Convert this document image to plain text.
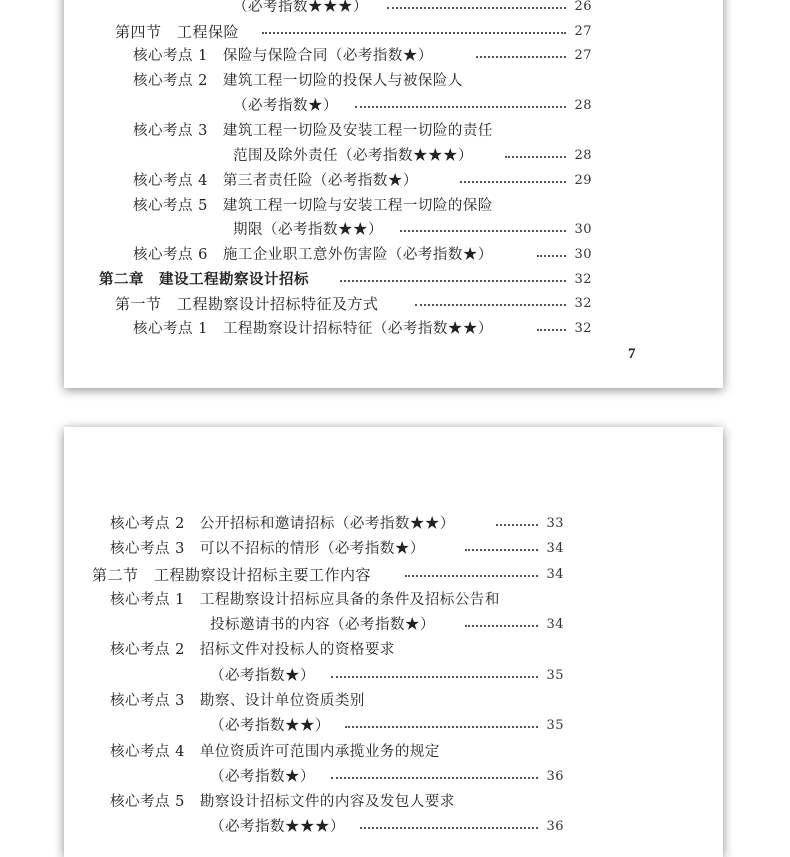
7
（必考指数★★★）	26
第四节　工程保险	27
核心考点 1　保险与保险合同（必考指数★）	27
核心考点 2　建筑工程一切险的投保人与被保险人
（必考指数★）	28
核心考点 3　建筑工程一切险及安装工程一切险的责任
范围及除外责任（必考指数★★★）	28
核心考点 4　第三者责任险（必考指数★）	29
核心考点 5　建筑工程一切险与安装工程一切险的保险
期限（必考指数★★）	30
核心考点 6　施工企业职工意外伤害险（必考指数★）	30
第二章　建设工程勘察设计招标	32
第一节　工程勘察设计招标特征及方式	32
核心考点 1　工程勘察设计招标特征（必考指数★★）	32
核心考点 2　公开招标和邀请招标（必考指数★★）	33
核心考点 3　可以不招标的情形（必考指数★）	34
第二节　工程勘察设计招标主要工作内容	34
核心考点 1　工程勘察设计招标应具备的条件及招标公告和
投标邀请书的内容（必考指数★）	34
核心考点 2　招标文件对投标人的资格要求
（必考指数★）	35
核心考点 3　勘察、设计单位资质类别
（必考指数★★）	35
核心考点 4　单位资质许可范围内承揽业务的规定
（必考指数★）	36
核心考点 5　勘察设计招标文件的内容及发包人要求
（必考指数★★★）	36
